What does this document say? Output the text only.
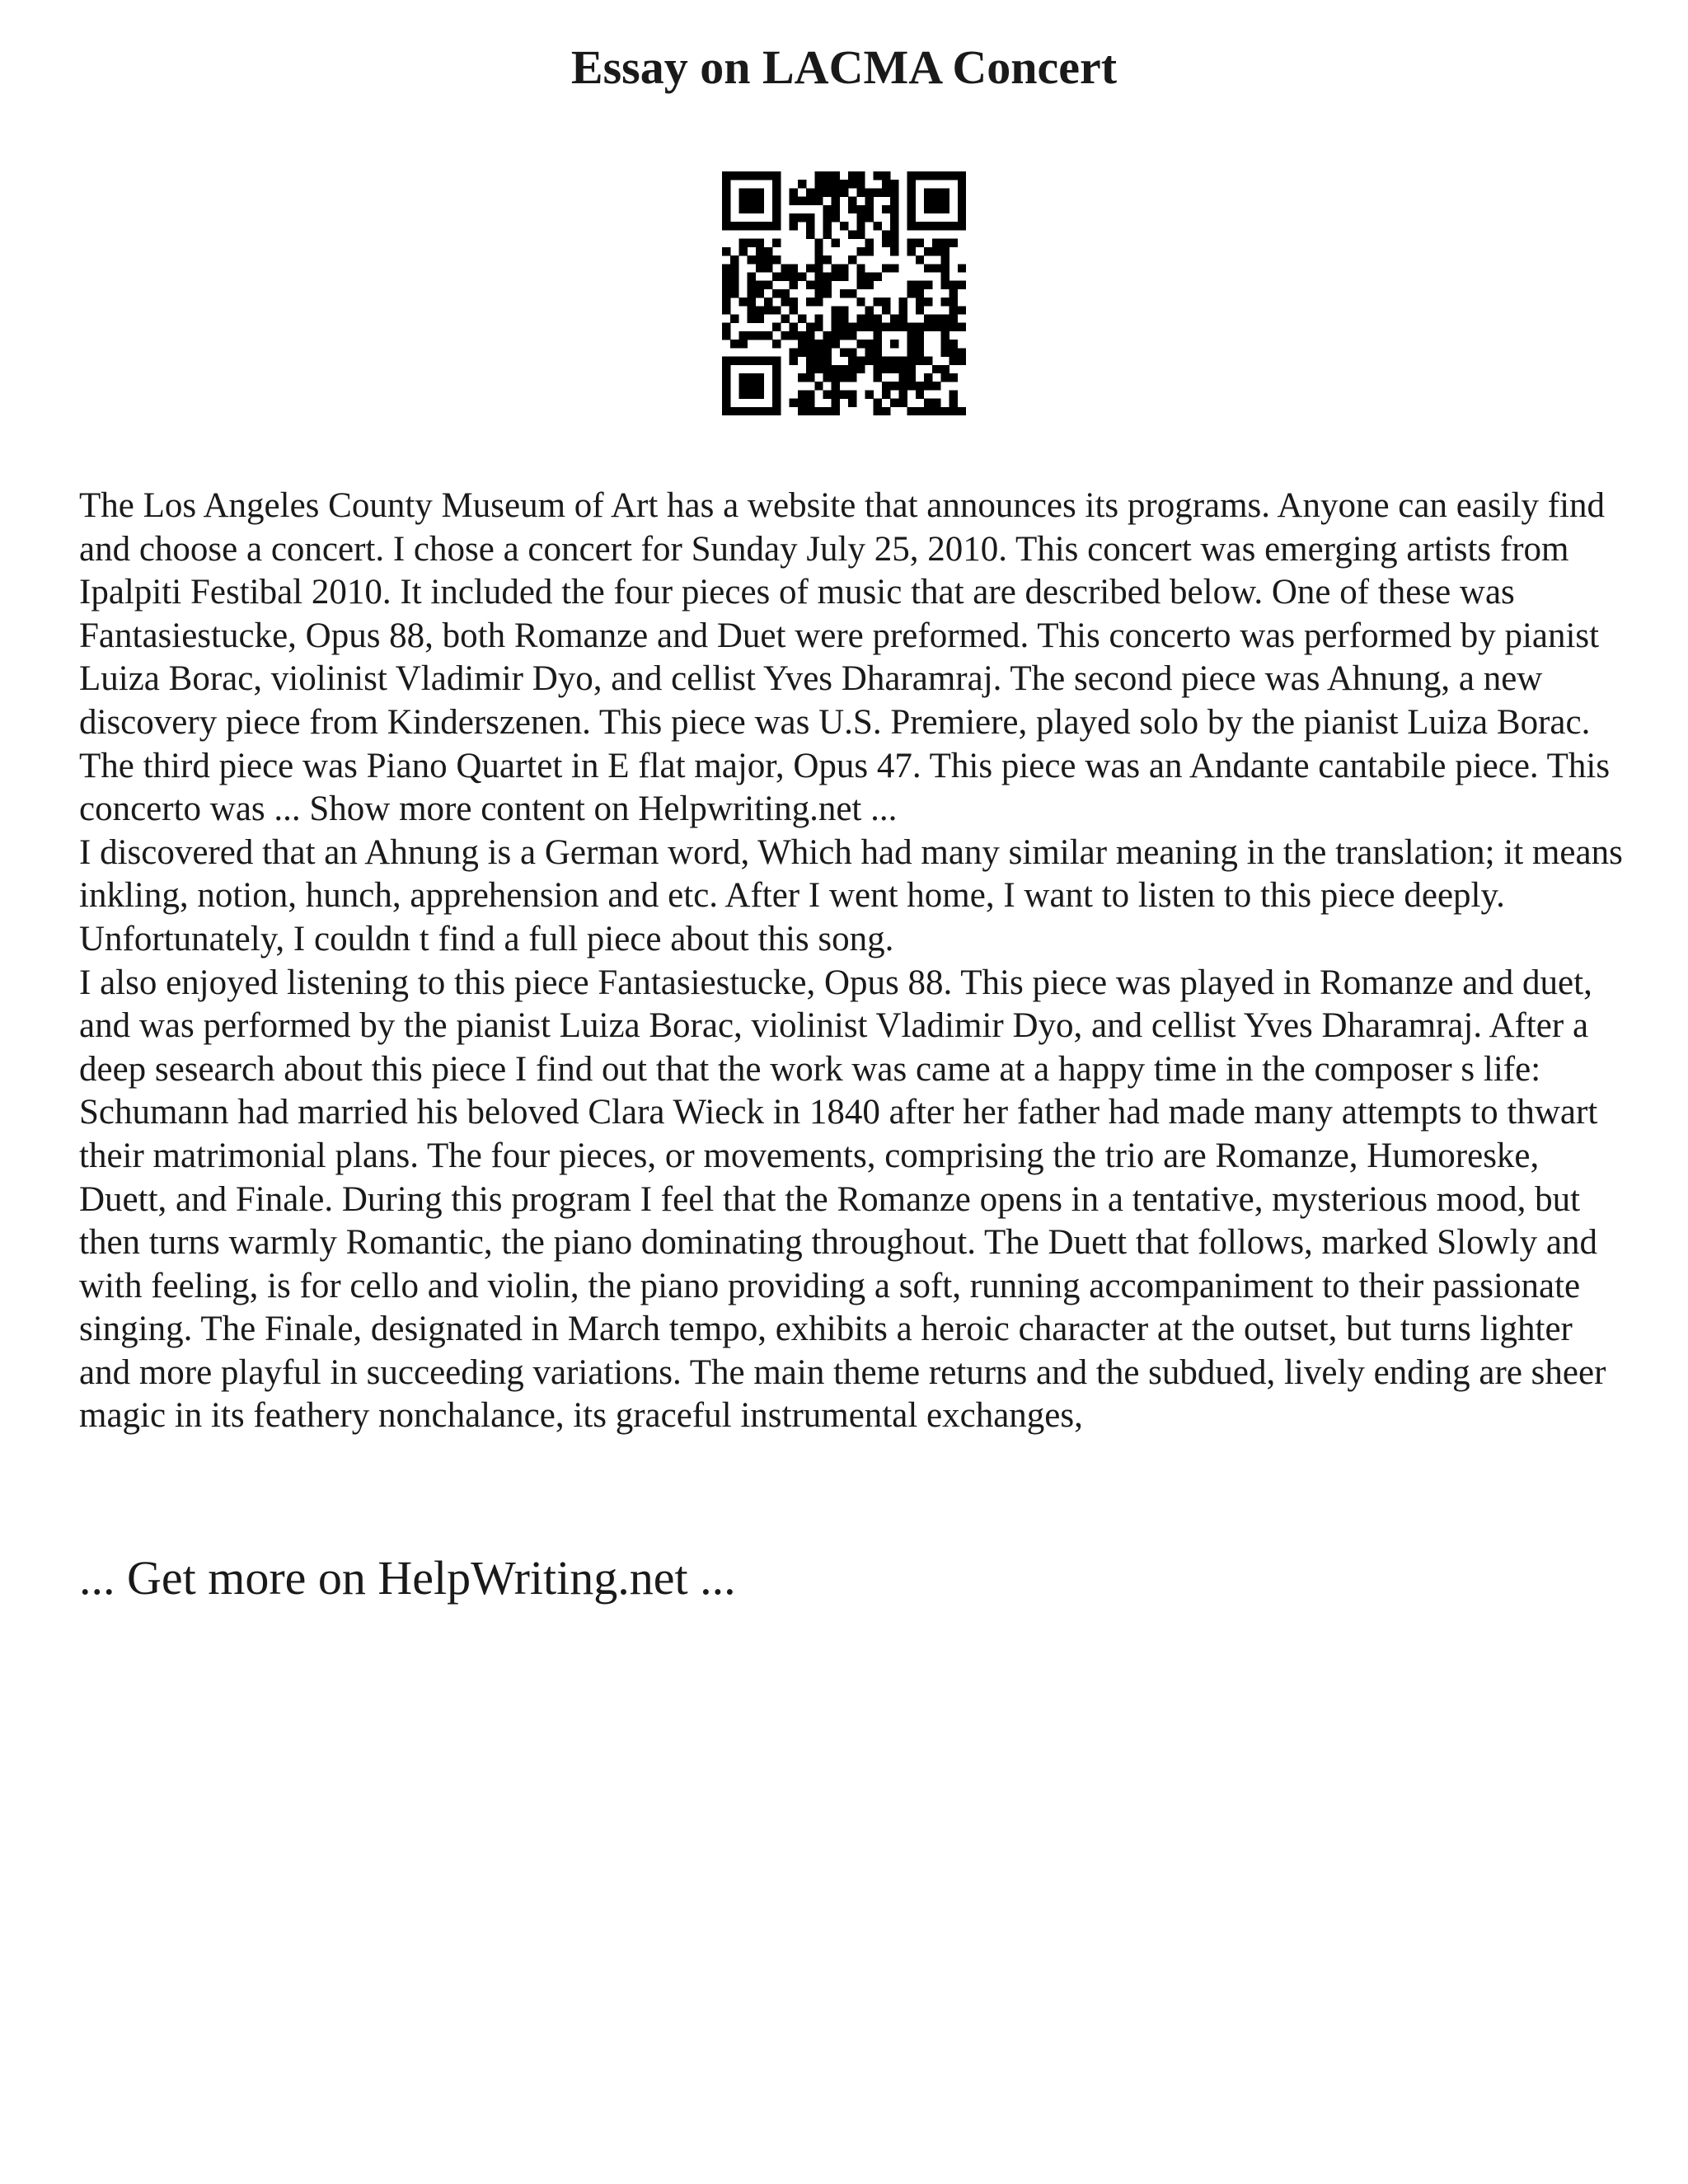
Essay on LACMA Concert

The Los Angeles County Museum of Art has a website that announces its programs. Anyone can easily find and choose a concert. I chose a concert for Sunday July 25, 2010. This concert was emerging artists from Ipalpiti Festibal 2010. It included the four pieces of music that are described below. One of these was Fantasiestucke, Opus 88, both Romanze and Duet were preformed. This concerto was performed by pianist Luiza Borac, violinist Vladimir Dyo, and cellist Yves Dharamraj. The second piece was Ahnung, a new discovery piece from Kinderszenen. This piece was U.S. Premiere, played solo by the pianist Luiza Borac. The third piece was Piano Quartet in E flat major, Opus 47. This piece was an Andante cantabile piece. This concerto was ... Show more content on Helpwriting.net ...

I discovered that an Ahnung is a German word, Which had many similar meaning in the translation; it means inkling, notion, hunch, apprehension and etc. After I went home, I want to listen to this piece deeply. Unfortunately, I couldn t find a full piece about this song.

I also enjoyed listening to this piece Fantasiestucke, Opus 88. This piece was played in Romanze and duet, and was performed by the pianist Luiza Borac, violinist Vladimir Dyo, and cellist Yves Dharamraj. After a deep sesearch about this piece I find out that the work was came at a happy time in the composer s life: Schumann had married his beloved Clara Wieck in 1840 after her father had made many attempts to thwart their matrimonial plans. The four pieces, or movements, comprising the trio are Romanze, Humoreske, Duett, and Finale. During this program I feel that the Romanze opens in a tentative, mysterious mood, but then turns warmly Romantic, the piano dominating throughout. The Duett that follows, marked Slowly and with feeling, is for cello and violin, the piano providing a soft, running accompaniment to their passionate singing. The Finale, designated in March tempo, exhibits a heroic character at the outset, but turns lighter and more playful in succeeding variations. The main theme returns and the subdued, lively ending are sheer magic in its feathery nonchalance, its graceful instrumental exchanges,

... Get more on HelpWriting.net ...
